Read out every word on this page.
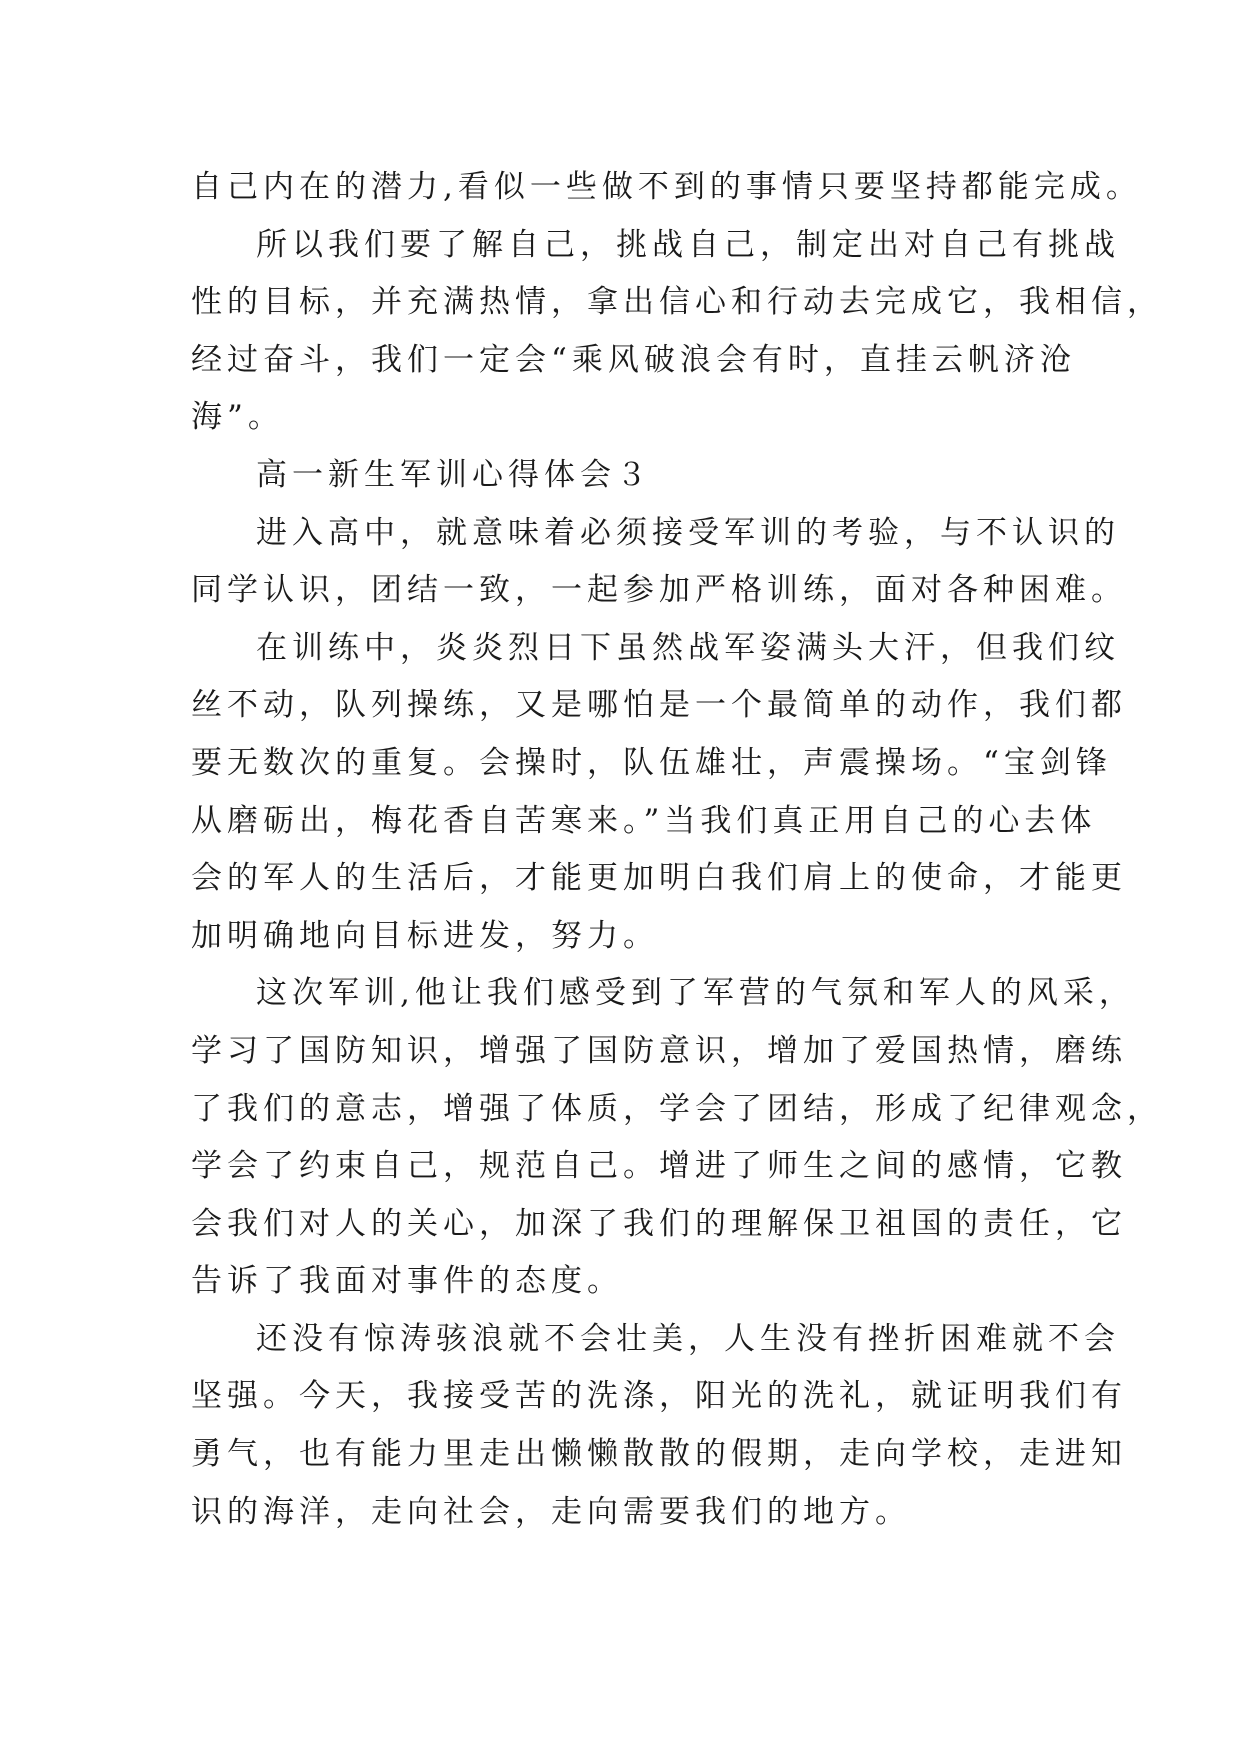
自己内在的潜力,看似一些做不到的事情只要坚持都能完成。
所以我们要了解自己，挑战自己，制定出对自己有挑战
性的目标，并充满热情，拿出信心和行动去完成它，我相信，
经过奋斗，我们一定会“乘风破浪会有时，直挂云帆济沧
海”。
高一新生军训心得体会３
进入高中，就意味着必须接受军训的考验，与不认识的
同学认识，团结一致，一起参加严格训练，面对各种困难。
在训练中，炎炎烈日下虽然战军姿满头大汗，但我们纹
丝不动，队列操练，又是哪怕是一个最简单的动作，我们都
要无数次的重复。会操时，队伍雄壮，声震操场。“宝剑锋
从磨砺出，梅花香自苦寒来。”当我们真正用自己的心去体
会的军人的生活后，才能更加明白我们肩上的使命，才能更
加明确地向目标进发，努力。
这次军训,他让我们感受到了军营的气氛和军人的风采，
学习了国防知识，增强了国防意识，增加了爱国热情，磨练
了我们的意志，增强了体质，学会了团结，形成了纪律观念，
学会了约束自己，规范自己。增进了师生之间的感情，它教
会我们对人的关心，加深了我们的理解保卫祖国的责任，它
告诉了我面对事件的态度。
还没有惊涛骇浪就不会壮美，人生没有挫折困难就不会
坚强。今天，我接受苦的洗涤，阳光的洗礼，就证明我们有
勇气，也有能力里走出懒懒散散的假期，走向学校，走进知
识的海洋，走向社会，走向需要我们的地方。
